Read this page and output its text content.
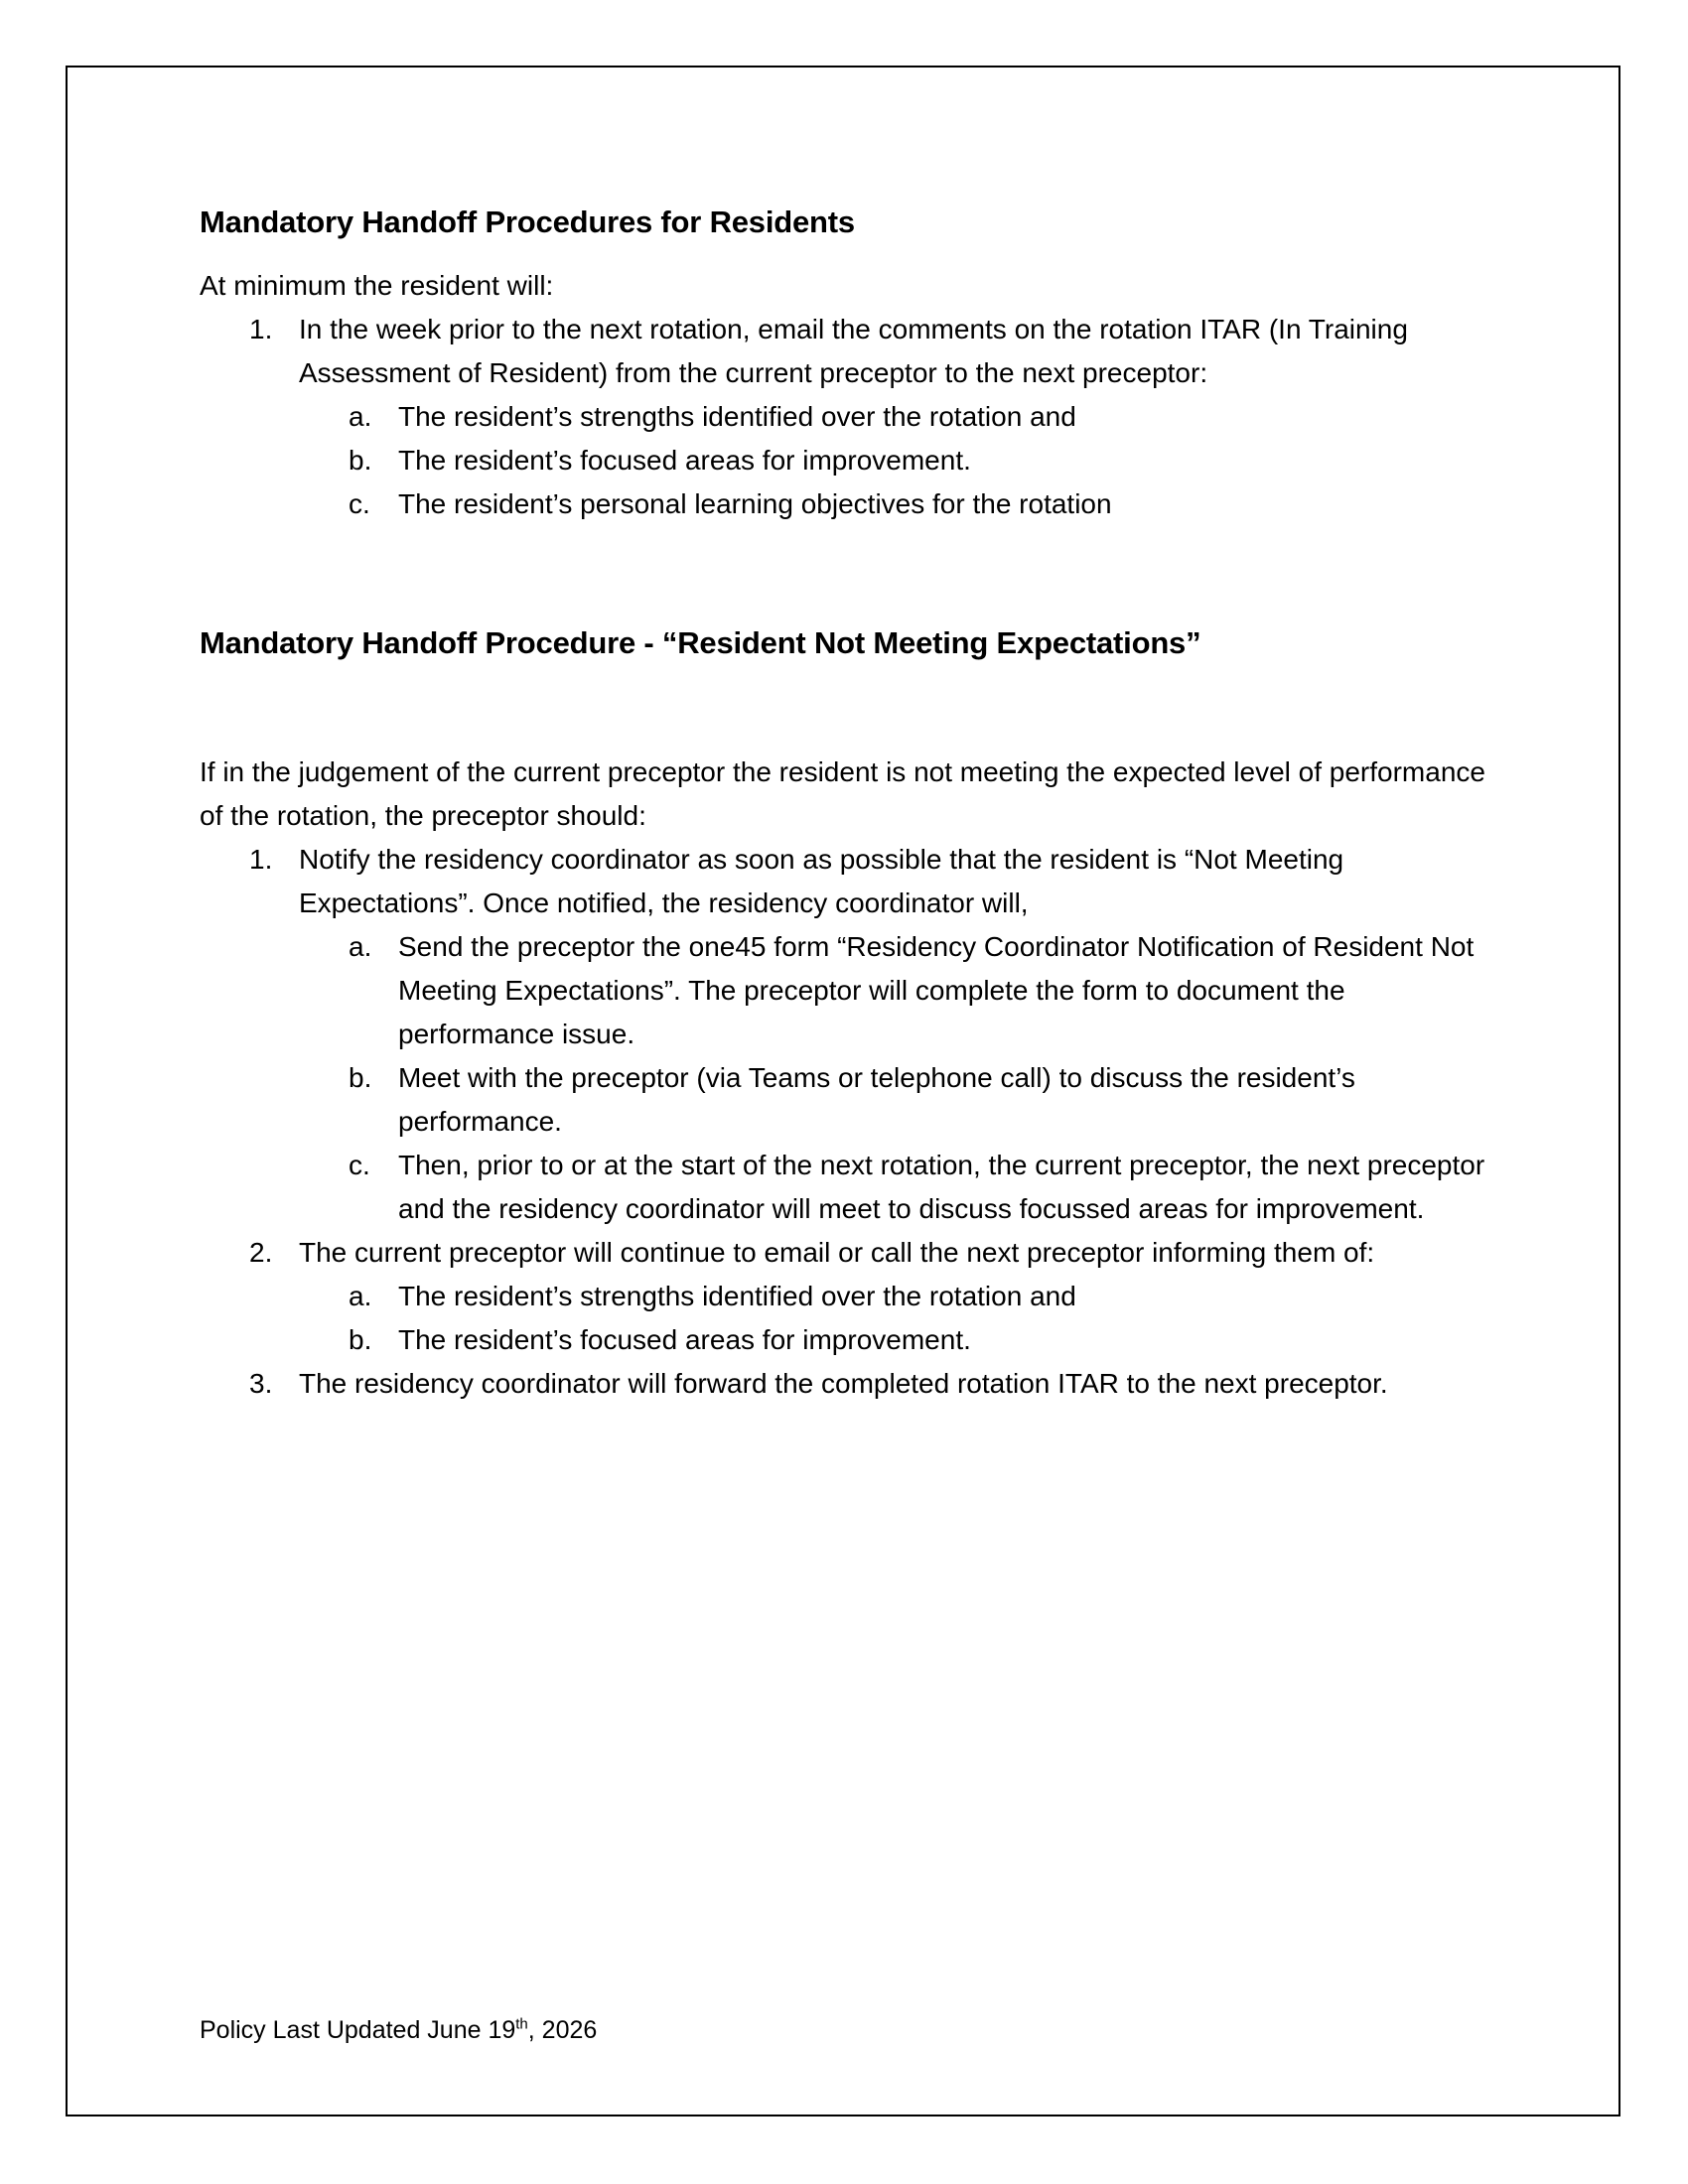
Mandatory Handoff Procedures for Residents

At minimum the resident will:

1. In the week prior to the next rotation, email the comments on the rotation ITAR (In Training Assessment of Resident) from the current preceptor to the next preceptor:
a. The resident’s strengths identified over the rotation and
b. The resident’s focused areas for improvement.
c.	The resident’s personal learning objectives for the rotation
Mandatory Handoff Procedure - “Resident Not Meeting Expectations”

If in the judgement of the current preceptor the resident is not meeting the expected level of performance of the rotation, the preceptor should:

1. Notify the residency coordinator as soon as possible that the resident is “Not Meeting Expectations”. Once notified, the residency coordinator will,
a. Send the preceptor the one45 form “Residency Coordinator Notification of Resident Not Meeting Expectations”. The preceptor will complete the form to document the performance issue.
b. Meet with the preceptor (via Teams or telephone call) to discuss the resident’s performance.
c.	Then, prior to or at the start of the next rotation, the current preceptor, the next preceptor and the residency coordinator will meet to discuss focussed areas for improvement.
2. The current preceptor will continue to email or call the next preceptor informing them of:
a. The resident’s strengths identified over the rotation and
b. The resident’s focused areas for improvement.
3. The residency coordinator will forward the completed rotation ITAR to the next preceptor.
Policy Last Updated June 19th, 2026
